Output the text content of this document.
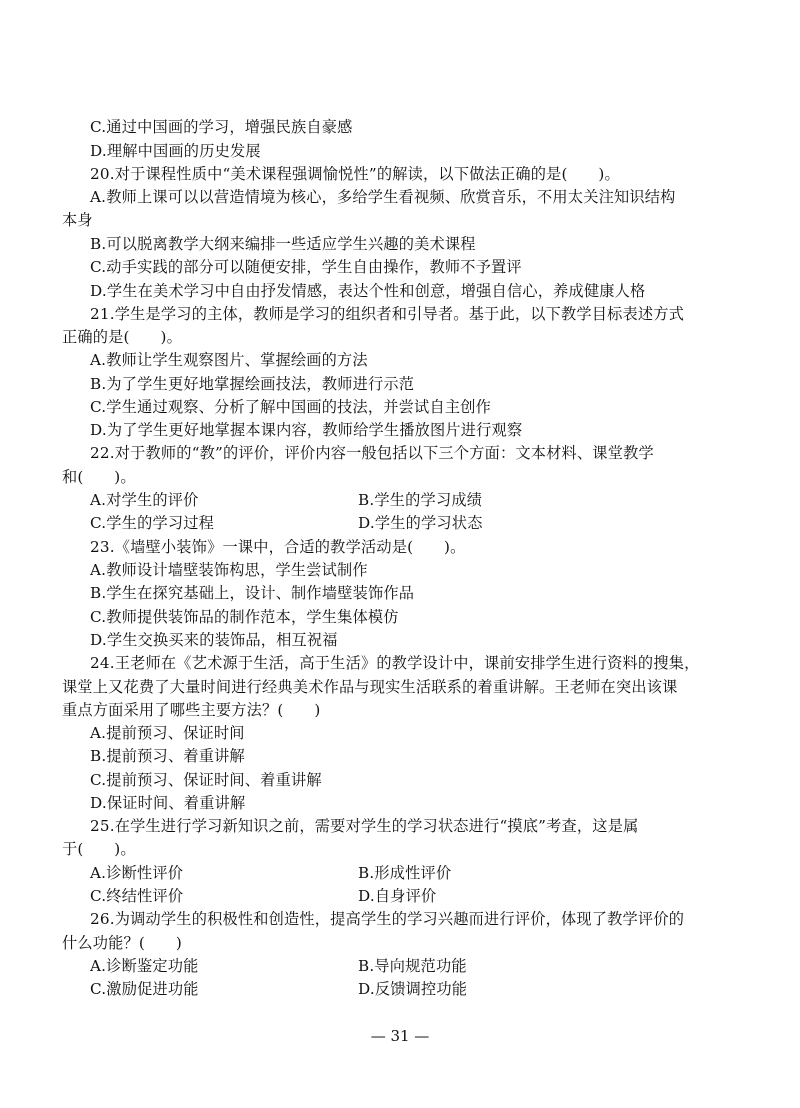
C.通过中国画的学习，增强民族自豪感
D.理解中国画的历史发展
20.对于课程性质中“美术课程强调愉悦性”的解读，以下做法正确的是(　　)。
A.教师上课可以以营造情境为核心，多给学生看视频、欣赏音乐，不用太关注知识结构
本身
B.可以脱离教学大纲来编排一些适应学生兴趣的美术课程
C.动手实践的部分可以随便安排，学生自由操作，教师不予置评
D.学生在美术学习中自由抒发情感，表达个性和创意，增强自信心，养成健康人格
21.学生是学习的主体，教师是学习的组织者和引导者。基于此，以下教学目标表述方式
正确的是(　　)。
A.教师让学生观察图片、掌握绘画的方法
B.为了学生更好地掌握绘画技法，教师进行示范
C.学生通过观察、分析了解中国画的技法，并尝试自主创作
D.为了学生更好地掌握本课内容，教师给学生播放图片进行观察
22.对于教师的“教”的评价，评价内容一般包括以下三个方面：文本材料、课堂教学
和(　　)。
A.对学生的评价	B.学生的学习成绩
C.学生的学习过程	D.学生的学习状态
23.《墙壁小装饰》一课中，合适的教学活动是(　　)。
A.教师设计墙壁装饰构思，学生尝试制作
B.学生在探究基础上，设计、制作墙壁装饰作品
C.教师提供装饰品的制作范本，学生集体模仿
D.学生交换买来的装饰品，相互祝福
24.王老师在《艺术源于生活，高于生活》的教学设计中，课前安排学生进行资料的搜集，
课堂上又花费了大量时间进行经典美术作品与现实生活联系的着重讲解。王老师在突出该课
重点方面采用了哪些主要方法？(　　)
A.提前预习、保证时间
B.提前预习、着重讲解
C.提前预习、保证时间、着重讲解
D.保证时间、着重讲解
25.在学生进行学习新知识之前，需要对学生的学习状态进行“摸底”考查，这是属
于(　　)。
A.诊断性评价	B.形成性评价
C.终结性评价	D.自身评价
26.为调动学生的积极性和创造性，提高学生的学习兴趣而进行评价，体现了教学评价的
什么功能？(　　)
A.诊断鉴定功能	B.导向规范功能
C.激励促进功能	D.反馈调控功能
— 31 —
